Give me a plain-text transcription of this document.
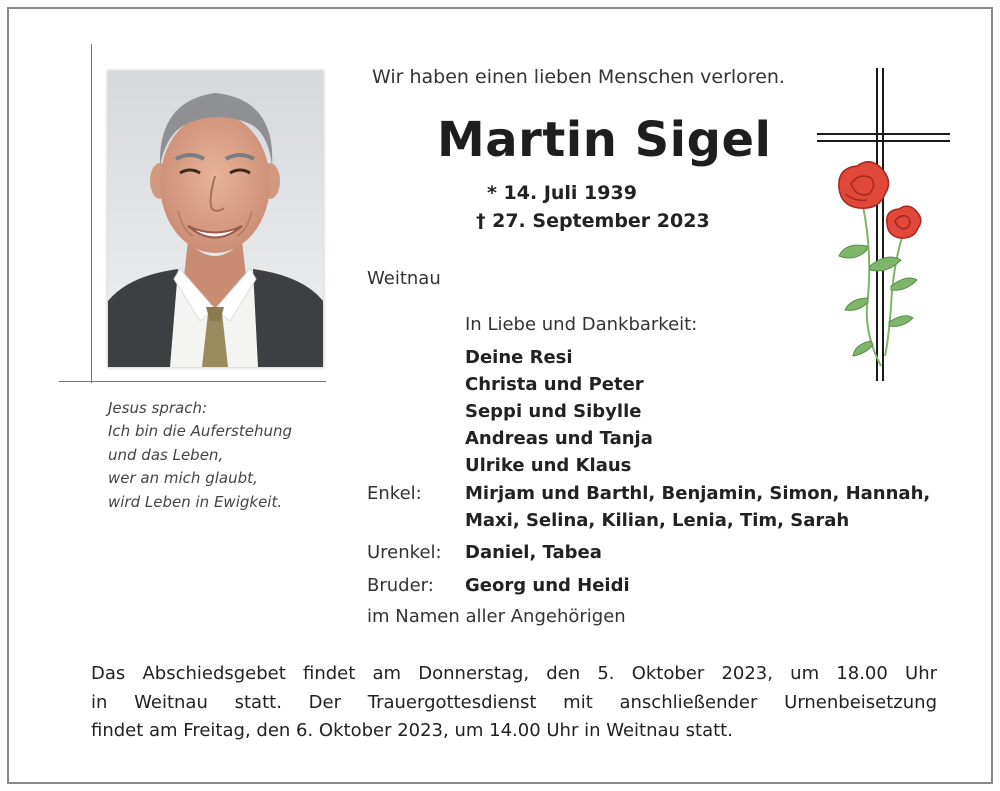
Jesus sprach:
Ich bin die Auferstehung
und das Leben,
wer an mich glaubt,
wird Leben in Ewigkeit.
Wir haben einen lieben Menschen verloren.
Martin Sigel
* 14. Juli 1939
† 27. September 2023
Weitnau
In Liebe und Dankbarkeit:
Deine Resi
Christa und Peter
Seppi und Sibylle
Andreas und Tanja
Ulrike und Klaus
Enkel: Mirjam und Barthl, Benjamin, Simon, Hannah,
Maxi, Selina, Kilian, Lenia, Tim, Sarah
Urenkel: Daniel, Tabea
Bruder: Georg und Heidi
im Namen aller Angehörigen
Das Abschiedsgebet findet am Donnerstag, den 5. Oktober 2023, um 18.00 Uhr
in Weitnau statt. Der Trauergottesdienst mit anschließender Urnenbeisetzung
findet am Freitag, den 6. Oktober 2023, um 14.00 Uhr in Weitnau statt.
